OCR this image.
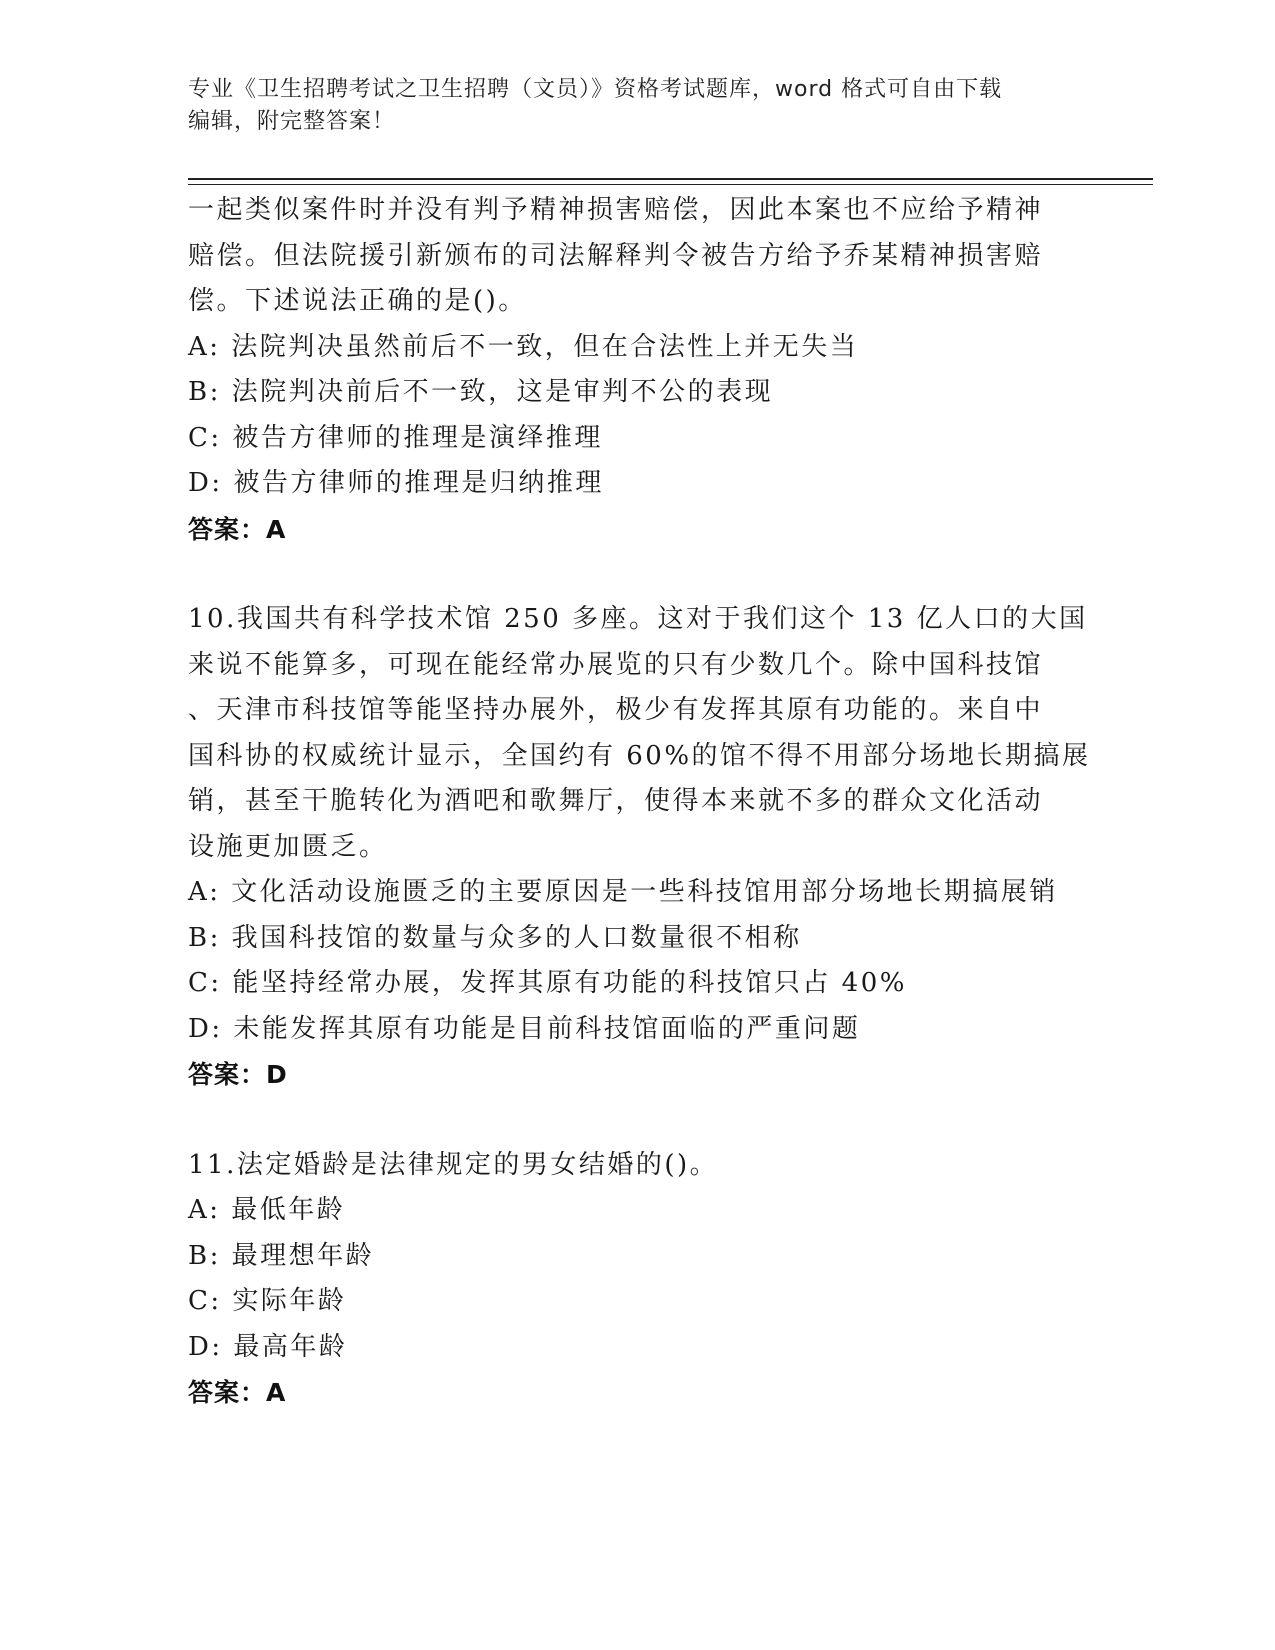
专业《卫生招聘考试之卫生招聘（文员）》资格考试题库，word 格式可自由下载
编辑，附完整答案！
一起类似案件时并没有判予精神损害赔偿，因此本案也不应给予精神
赔偿。但法院援引新颁布的司法解释判令被告方给予乔某精神损害赔
偿。下述说法正确的是()。
A: 法院判决虽然前后不一致，但在合法性上并无失当
B: 法院判决前后不一致，这是审判不公的表现
C: 被告方律师的推理是演绎推理
D: 被告方律师的推理是归纳推理
答案：A
10.我国共有科学技术馆 250 多座。这对于我们这个 13 亿人口的大国
来说不能算多，可现在能经常办展览的只有少数几个。除中国科技馆
、天津市科技馆等能坚持办展外，极少有发挥其原有功能的。来自中
国科协的权威统计显示，全国约有 60%的馆不得不用部分场地长期搞展
销，甚至干脆转化为酒吧和歌舞厅，使得本来就不多的群众文化活动
设施更加匮乏。
A: 文化活动设施匮乏的主要原因是一些科技馆用部分场地长期搞展销
B: 我国科技馆的数量与众多的人口数量很不相称
C: 能坚持经常办展，发挥其原有功能的科技馆只占 40%
D: 未能发挥其原有功能是目前科技馆面临的严重问题
答案：D
11.法定婚龄是法律规定的男女结婚的()。
A: 最低年龄
B: 最理想年龄
C: 实际年龄
D: 最高年龄
答案：A
